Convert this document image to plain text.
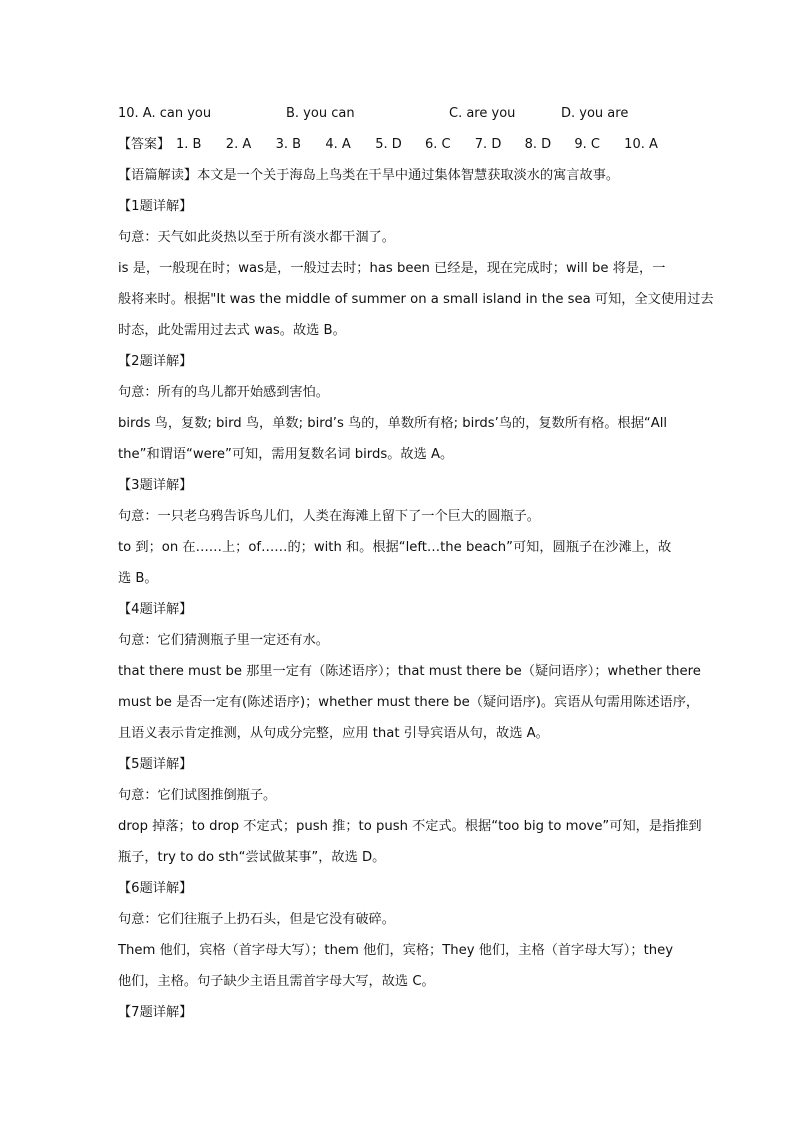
10. A. can you	B. you can	C. are you	D. you are
【答案】 1. B	2. A	3. B	4. A	5. D	6. C	7. D	8. D	9. C	10. A
【语篇解读】本文是一个关于海岛上鸟类在干旱中通过集体智慧获取淡水的寓言故事。
【1题详解】
句意：天气如此炎热以至于所有淡水都干涸了。
is 是，一般现在时；was是，一般过去时；has been 已经是，现在完成时；will be 将是，一
般将来时。根据"It was the middle of summer on a small island in the sea 可知，全文使用过去
时态，此处需用过去式 was。故选 B。
【2题详解】
句意：所有的鸟儿都开始感到害怕。
birds 鸟，复数; bird 鸟，单数; bird’s 鸟的，单数所有格; birds’鸟的，复数所有格。根据“All
the”和谓语“were”可知，需用复数名词 birds。故选 A。
【3题详解】
句意：一只老乌鸦告诉鸟儿们，人类在海滩上留下了一个巨大的圆瓶子。
to 到；on 在……上；of……的；with 和。根据“left…the beach”可知，圆瓶子在沙滩上，故
选 B。
【4题详解】
句意：它们猜测瓶子里一定还有水。
that there must be 那里一定有（陈述语序）；that must there be（疑问语序）；whether there
must be 是否一定有(陈述语序)；whether must there be（疑问语序)。宾语从句需用陈述语序，
且语义表示肯定推测，从句成分完整，应用 that 引导宾语从句，故选 A。
【5题详解】
句意：它们试图推倒瓶子。
drop 掉落；to drop 不定式；push 推；to push 不定式。根据“too big to move”可知，是指推到
瓶子，try to do sth“尝试做某事”，故选 D。
【6题详解】
句意：它们往瓶子上扔石头，但是它没有破碎。
Them 他们，宾格（首字母大写）；them 他们，宾格；They 他们，主格（首字母大写）；they
他们，主格。句子缺少主语且需首字母大写，故选 C。
【7题详解】
